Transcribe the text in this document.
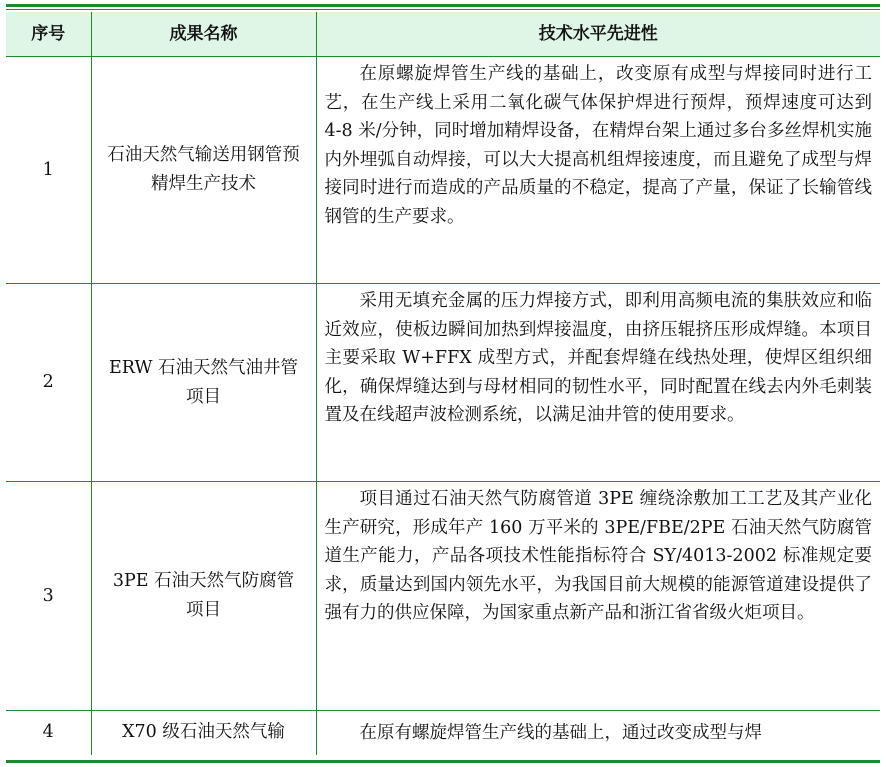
序号	成果名称	技术水平先进性
1	石油天然气输送用钢管预精焊生产技术	在原螺旋焊管生产线的基础上，改变原有成型与焊接同时进行工艺，在生产线上采用二氧化碳气体保护焊进行预焊，预焊速度可达到 4-8 米/分钟，同时增加精焊设备，在精焊台架上通过多台多丝焊机实施内外埋弧自动焊接，可以大大提高机组焊接速度，而且避免了成型与焊接同时进行而造成的产品质量的不稳定，提高了产量，保证了长输管线钢管的生产要求。
2	ERW 石油天然气油井管项目	采用无填充金属的压力焊接方式，即利用高频电流的集肤效应和临近效应，使板边瞬间加热到焊接温度，由挤压辊挤压形成焊缝。本项目主要采取 W+FFX 成型方式，并配套焊缝在线热处理，使焊区组织细化，确保焊缝达到与母材相同的韧性水平，同时配置在线去内外毛刺装置及在线超声波检测系统，以满足油井管的使用要求。
3	3PE 石油天然气防腐管项目	项目通过石油天然气防腐管道 3PE 缠绕涂敷加工工艺及其产业化生产研究，形成年产 160 万平米的 3PE/FBE/2PE 石油天然气防腐管道生产能力，产品各项技术性能指标符合 SY/4013-2002 标准规定要求，质量达到国内领先水平，为我国目前大规模的能源管道建设提供了强有力的供应保障，为国家重点新产品和浙江省省级火炬项目。
4	X70 级石油天然气输	在原有螺旋焊管生产线的基础上，通过改变成型与焊
